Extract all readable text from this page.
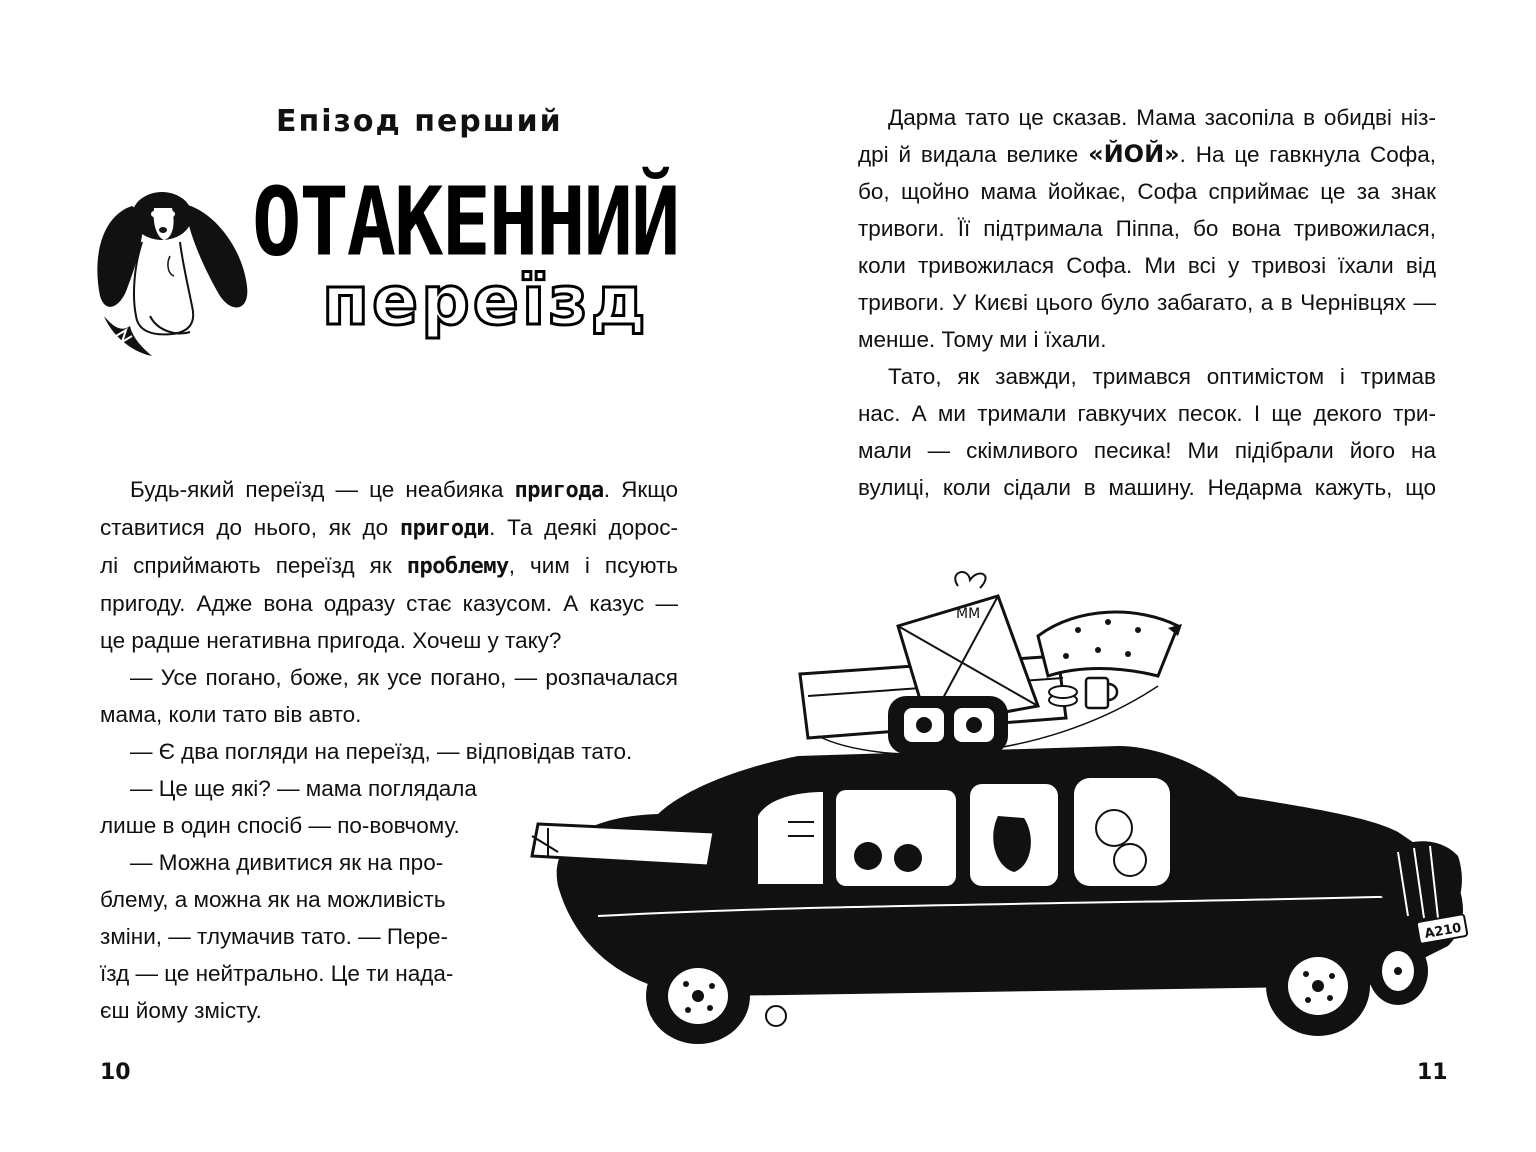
Епізод перший
ОТАКЕННИЙ
переїзд
Будь-який переїзд — це неабияка пригода. Якщо
ставитися до нього, як до пригоди. Та деякі дорос-
лі сприймають переїзд як проблему, чим і псують
пригоду. Адже вона одразу стає казусом. А казус —
це радше негативна пригода. Хочеш у таку?
— Усе погано, боже, як усе погано, — розпачалася
мама, коли тато вів авто.
— Є два погляди на переїзд, — відповідав тато.
— Це ще які? — мама поглядала
лише в один спосіб — по-вовчому.
— Можна дивитися як на про-
блему, а можна як на можливість
зміни, — тлумачив тато. — Пере-
їзд — це нейтрально. Це ти нада-
єш йому змісту.
10
Дарма тато це сказав. Мама засопіла в обидві ніз-
дрі й видала велике «ЙОЙ». На це гавкнула Софа,
бо, щойно мама йойкає, Софа сприймає це за знак
тривоги. Її підтримала Піппа, бо вона тривожилася,
коли тривожилася Софа. Ми всі у тривозі їхали від
тривоги. У Києві цього було забагато, а в Чернівцях —
менше. Тому ми і їхали.
Тато, як завжди, тримався оптимістом і тримав
нас. А ми тримали гавкучих песок. І ще декого три-
мали — скімливого песика! Ми підібрали його на
вулиці, коли сідали в машину. Недарма кажуть, що
11
MM
A210
